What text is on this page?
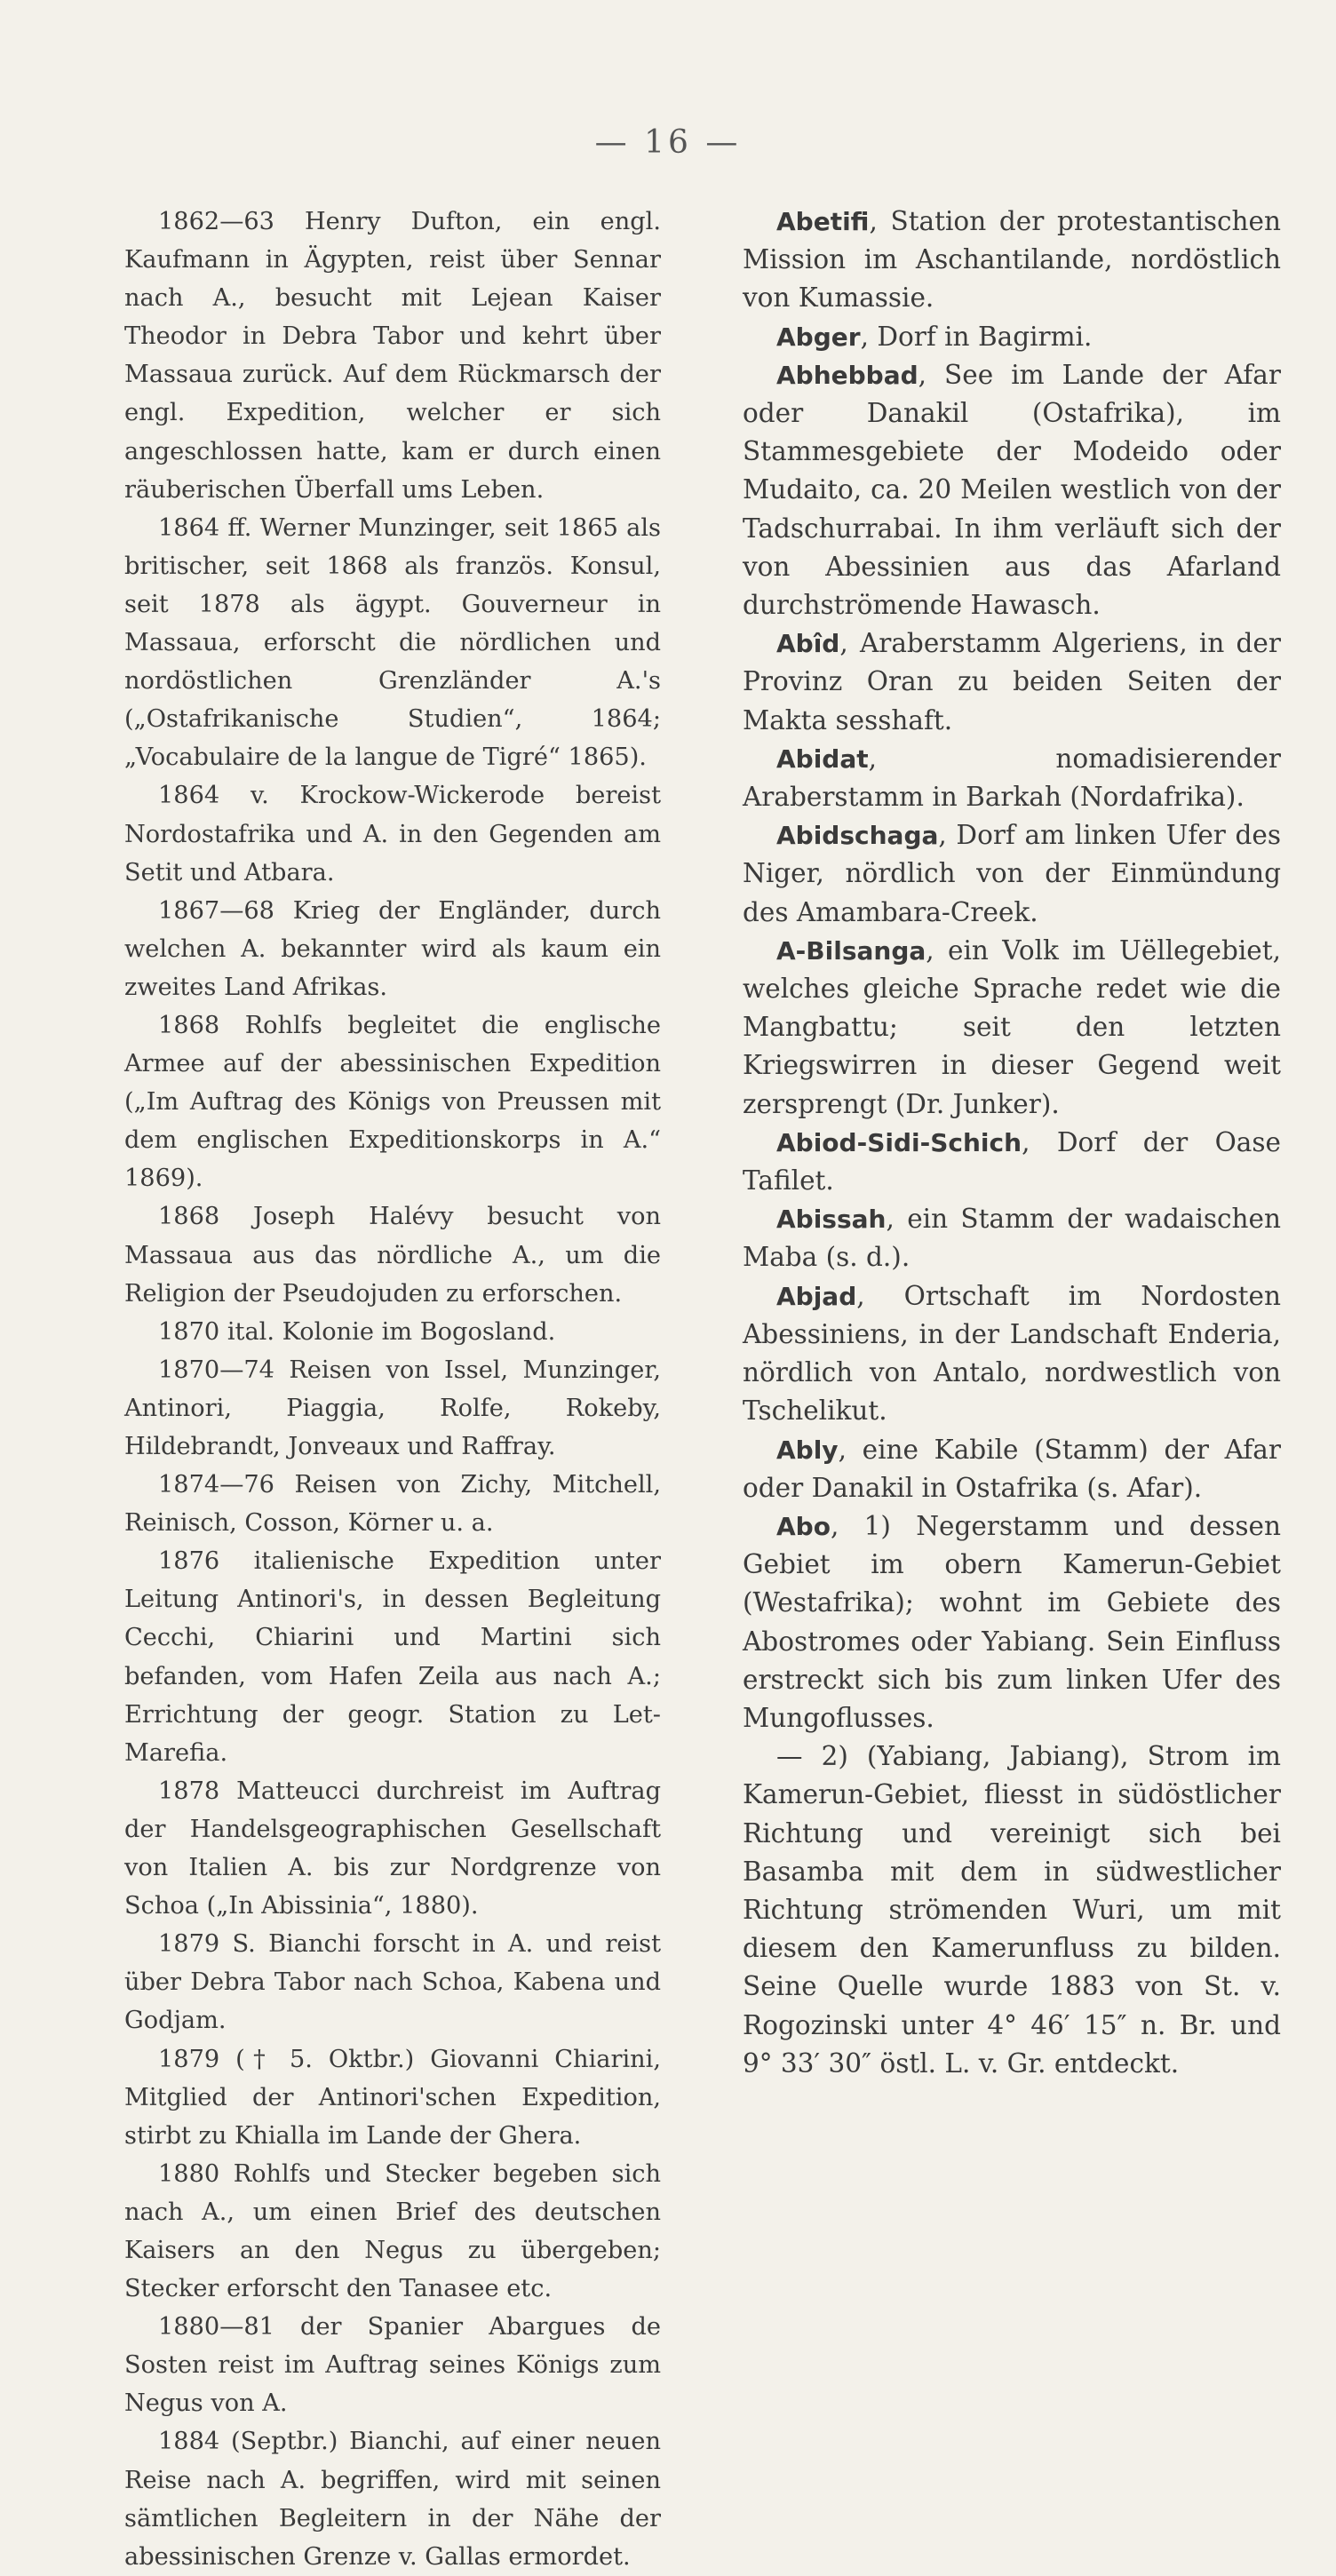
— 16 —

1862—63 Henry Dufton, ein engl. Kaufmann in Ägypten, reist über Sennar nach A., besucht mit Lejean Kaiser Theodor in Debra Tabor und kehrt über Massaua zurück. Auf dem Rückmarsch der engl. Expedition, welcher er sich angeschlossen hatte, kam er durch einen räuberischen Überfall ums Leben.

1864 ff. Werner Munzinger, seit 1865 als britischer, seit 1868 als französ. Konsul, seit 1878 als ägypt. Gouverneur in Massaua, erforscht die nördlichen und nordöstlichen Grenzländer A.'s („Ostafrikanische Studien“, 1864; „Vocabulaire de la langue de Tigré“ 1865).

1864 v. Krockow-Wickerode bereist Nordostafrika und A. in den Gegenden am Setit und Atbara.

1867—68 Krieg der Engländer, durch welchen A. bekannter wird als kaum ein zweites Land Afrikas.

1868 Rohlfs begleitet die englische Armee auf der abessinischen Expedition („Im Auftrag des Königs von Preussen mit dem englischen Expeditionskorps in A.“ 1869).

1868 Joseph Halévy besucht von Massaua aus das nördliche A., um die Religion der Pseudojuden zu erforschen.

1870 ital. Kolonie im Bogosland.

1870—74 Reisen von Issel, Munzinger, Antinori, Piaggia, Rolfe, Rokeby, Hildebrandt, Jonveaux und Raffray.

1874—76 Reisen von Zichy, Mitchell, Reinisch, Cosson, Körner u. a.

1876 italienische Expedition unter Leitung Antinori's, in dessen Begleitung Cecchi, Chiarini und Martini sich befanden, vom Hafen Zeila aus nach A.; Errichtung der geogr. Station zu Let-Marefia.

1878 Matteucci durchreist im Auftrag der Handelsgeographischen Gesellschaft von Italien A. bis zur Nordgrenze von Schoa („In Abissinia“, 1880).

1879 S. Bianchi forscht in A. und reist über Debra Tabor nach Schoa, Kabena und Godjam.

1879 († 5. Oktbr.) Giovanni Chiarini, Mitglied der Antinori'schen Expedition, stirbt zu Khialla im Lande der Ghera.

1880 Rohlfs und Stecker begeben sich nach A., um einen Brief des deutschen Kaisers an den Negus zu übergeben; Stecker erforscht den Tanasee etc.

1880—81 der Spanier Abargues de Sosten reist im Auftrag seines Königs zum Negus von A.

1884 (Septbr.) Bianchi, auf einer neuen Reise nach A. begriffen, wird mit seinen sämtlichen Begleitern in der Nähe der abessinischen Grenze v. Gallas ermordet.

Abetifi, Station der protestantischen Mission im Aschantilande, nordöstlich von Kumassie.

Abger, Dorf in Bagirmi.

Abhebbad, See im Lande der Afar oder Danakil (Ostafrika), im Stammesgebiete der Modeido oder Mudaito, ca. 20 Meilen westlich von der Tadschurrabai. In ihm verläuft sich der von Abessinien aus das Afarland durchströmende Hawasch.

Abîd, Araberstamm Algeriens, in der Provinz Oran zu beiden Seiten der Makta sesshaft.

Abidat, nomadisierender Araberstamm in Barkah (Nordafrika).

Abidschaga, Dorf am linken Ufer des Niger, nördlich von der Einmündung des Amambara-Creek.

A-Bilsanga, ein Volk im Uëllegebiet, welches gleiche Sprache redet wie die Mangbattu; seit den letzten Kriegswirren in dieser Gegend weit zersprengt (Dr. Junker).

Abiod-Sidi-Schich, Dorf der Oase Tafilet.

Abissah, ein Stamm der wadaischen Maba (s. d.).

Abjad, Ortschaft im Nordosten Abessiniens, in der Landschaft Enderia, nördlich von Antalo, nordwestlich von Tschelikut.

Ably, eine Kabile (Stamm) der Afar oder Danakil in Ostafrika (s. Afar).

Abo, 1) Negerstamm und dessen Gebiet im obern Kamerun-Gebiet (Westafrika); wohnt im Gebiete des Abostromes oder Yabiang. Sein Einfluss erstreckt sich bis zum linken Ufer des Mungoflusses.

— 2) (Yabiang, Jabiang), Strom im Kamerun-Gebiet, fliesst in südöstlicher Richtung und vereinigt sich bei Basamba mit dem in südwestlicher Richtung strömenden Wuri, um mit diesem den Kamerunfluss zu bilden. Seine Quelle wurde 1883 von St. v. Rogozinski unter 4° 46′ 15″ n. Br. und 9° 33′ 30″ östl. L. v. Gr. entdeckt.
